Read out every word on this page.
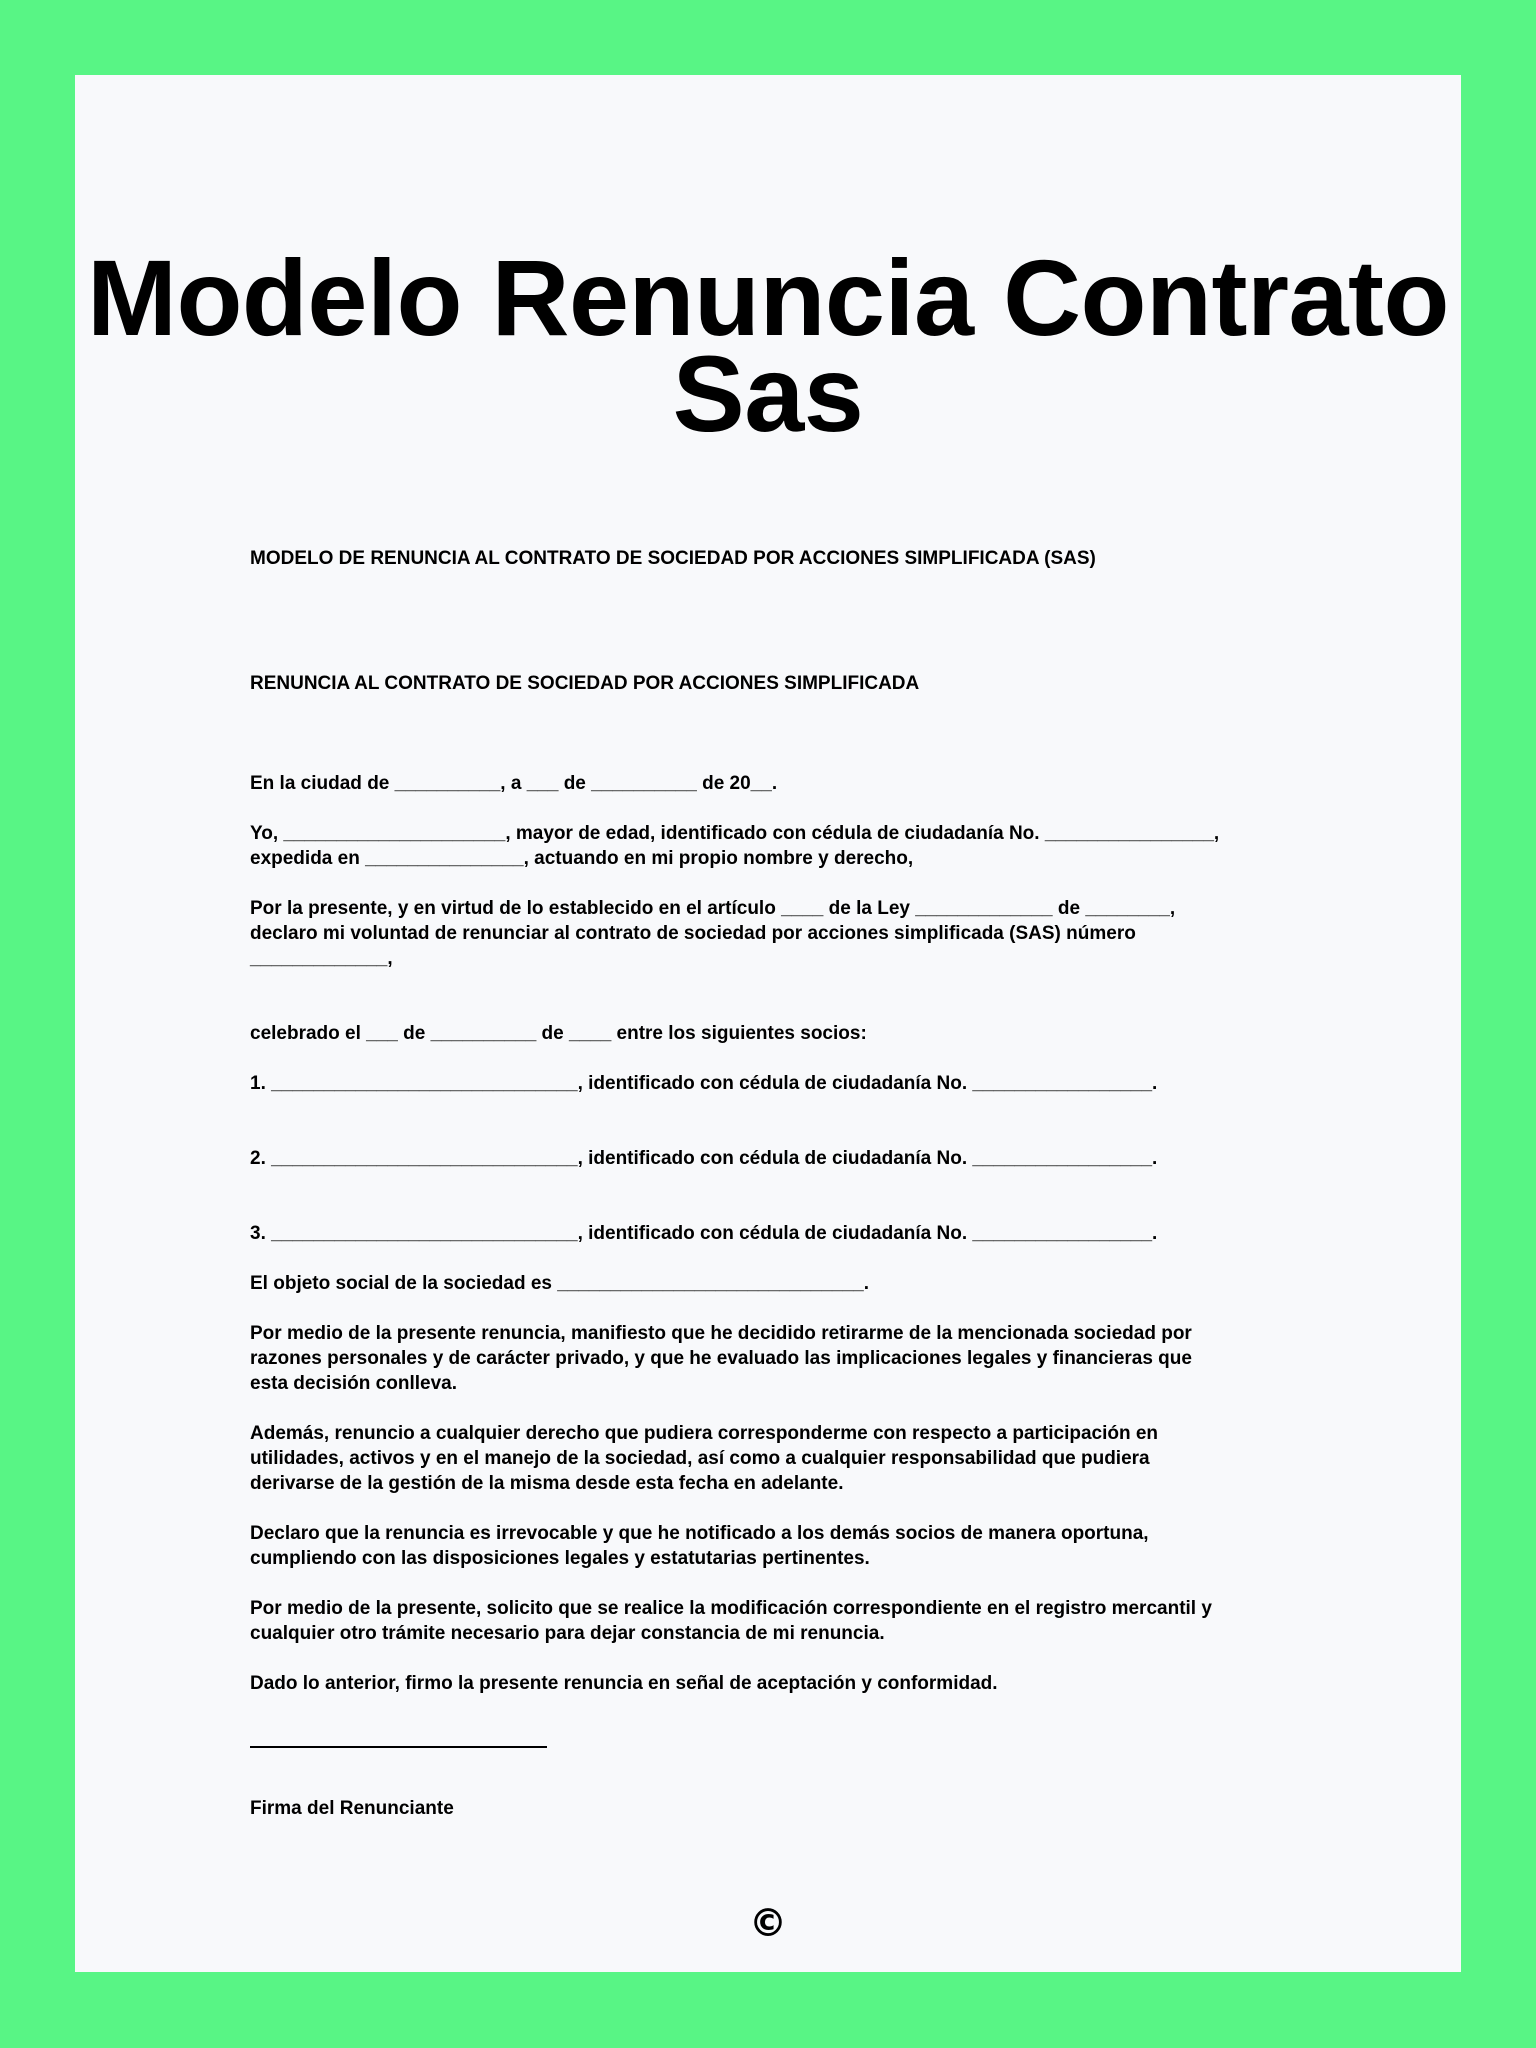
Modelo Renuncia Contrato
Sas

MODELO DE RENUNCIA AL CONTRATO DE SOCIEDAD POR ACCIONES SIMPLIFICADA (SAS)

RENUNCIA AL CONTRATO DE SOCIEDAD POR ACCIONES SIMPLIFICADA

En la ciudad de __________, a ___ de __________ de 20__.

Yo, _____________________, mayor de edad, identificado con cédula de ciudadanía No. ________________,

expedida en _______________, actuando en mi propio nombre y derecho,

Por la presente, y en virtud de lo establecido en el artículo ____ de la Ley _____________ de ________,

declaro mi voluntad de renunciar al contrato de sociedad por acciones simplificada (SAS) número

_____________,

celebrado el ___ de __________ de ____ entre los siguientes socios:

1. _____________________________, identificado con cédula de ciudadanía No. _________________.

2. _____________________________, identificado con cédula de ciudadanía No. _________________.

3. _____________________________, identificado con cédula de ciudadanía No. _________________.

El objeto social de la sociedad es _____________________________.

Por medio de la presente renuncia, manifiesto que he decidido retirarme de la mencionada sociedad por

razones personales y de carácter privado, y que he evaluado las implicaciones legales y financieras que

esta decisión conlleva.

Además, renuncio a cualquier derecho que pudiera corresponderme con respecto a participación en

utilidades, activos y en el manejo de la sociedad, así como a cualquier responsabilidad que pudiera

derivarse de la gestión de la misma desde esta fecha en adelante.

Declaro que la renuncia es irrevocable y que he notificado a los demás socios de manera oportuna,

cumpliendo con las disposiciones legales y estatutarias pertinentes.

Por medio de la presente, solicito que se realice la modificación correspondiente en el registro mercantil y

cualquier otro trámite necesario para dejar constancia de mi renuncia.

Dado lo anterior, firmo la presente renuncia en señal de aceptación y conformidad.

Firma del Renunciante

©
